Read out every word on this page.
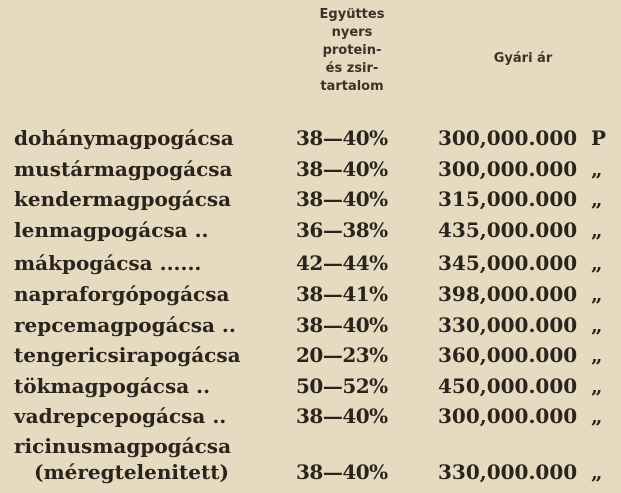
Együttes
nyers
protein-
és zsir-
tartalom
Gyári ár
dohánymagpogácsa	38—40%	300,000.000 P
mustármagpogácsa	38—40%	300,000.000 „
kendermagpogácsa	38—40%	315,000.000 „
lenmagpogácsa ..	36—38%	435,000.000 „
mákpogácsa ......	42—44%	345,000.000 „
napraforgópogácsa	38—41%	398,000.000 „
repcemagpogácsa ..	38—40%	330,000.000 „
tengericsirapogácsa	20—23%	360,000.000 „
tökmagpogácsa ..	50—52%	450,000.000 „
vadrepcepogácsa ..	38—40%	300,000.000 „
ricinusmagpogácsa
(méregtelenitett)	38—40%	330,000.000 „
